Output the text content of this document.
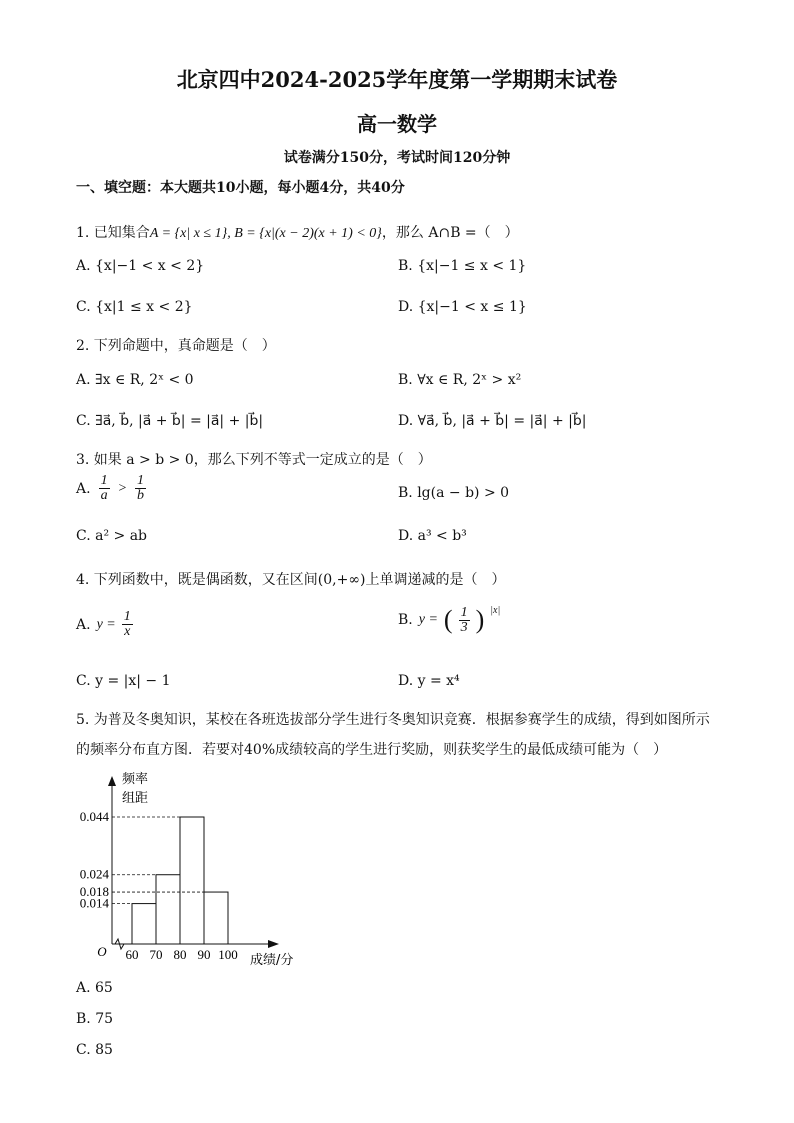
北京四中2024-2025学年度第一学期期末试卷
高一数学
试卷满分150分，考试时间120分钟
一、填空题：本大题共10小题，每小题4分，共40分
1. 已知集合A = {x| x ≤ 1}, B = {x|(x − 2)(x + 1) < 0}，那么 A∩B =（　）
A. {x|−1 < x < 2}	B. {x|−1 ≤ x < 1}
C. {x|1 ≤ x < 2}	D. {x|−1 < x ≤ 1}
2. 下列命题中，真命题是（　）
A. ∃x ∈ R, 2ˣ < 0	B. ∀x ∈ R, 2ˣ > x²
C. ∃a⃗, b⃗, |a⃗ + b⃗| = |a⃗| + |b⃗|	D. ∀a⃗, b⃗, |a⃗ + b⃗| = |a⃗| + |b⃗|
3. 如果 a > b > 0，那么下列不等式一定成立的是（　）
A. $\frac{1}{a} > \frac{1}{b}$	B. lg(a − b) > 0
C. a² > ab	D. a³ < b³
4. 下列函数中，既是偶函数，又在区间(0,+∞)上单调递减的是（　）
A. $y = \frac{1}{x}$	B. y = ( $\frac{1}{3}$ ) $^{|x|}$
C. y = |x| − 1	D. y = x⁴
5. 为普及冬奥知识，某校在各班选拔部分学生进行冬奥知识竞赛．根据参赛学生的成绩，得到如图所示
的频率分布直方图．若要对40%成绩较高的学生进行奖励，则获奖学生的最低成绩可能为（　）
0.044
0.024
0.018
0.014
60 70 80 90 100
O
频率
组距
成绩/分
A. 65
B. 75
C. 85
